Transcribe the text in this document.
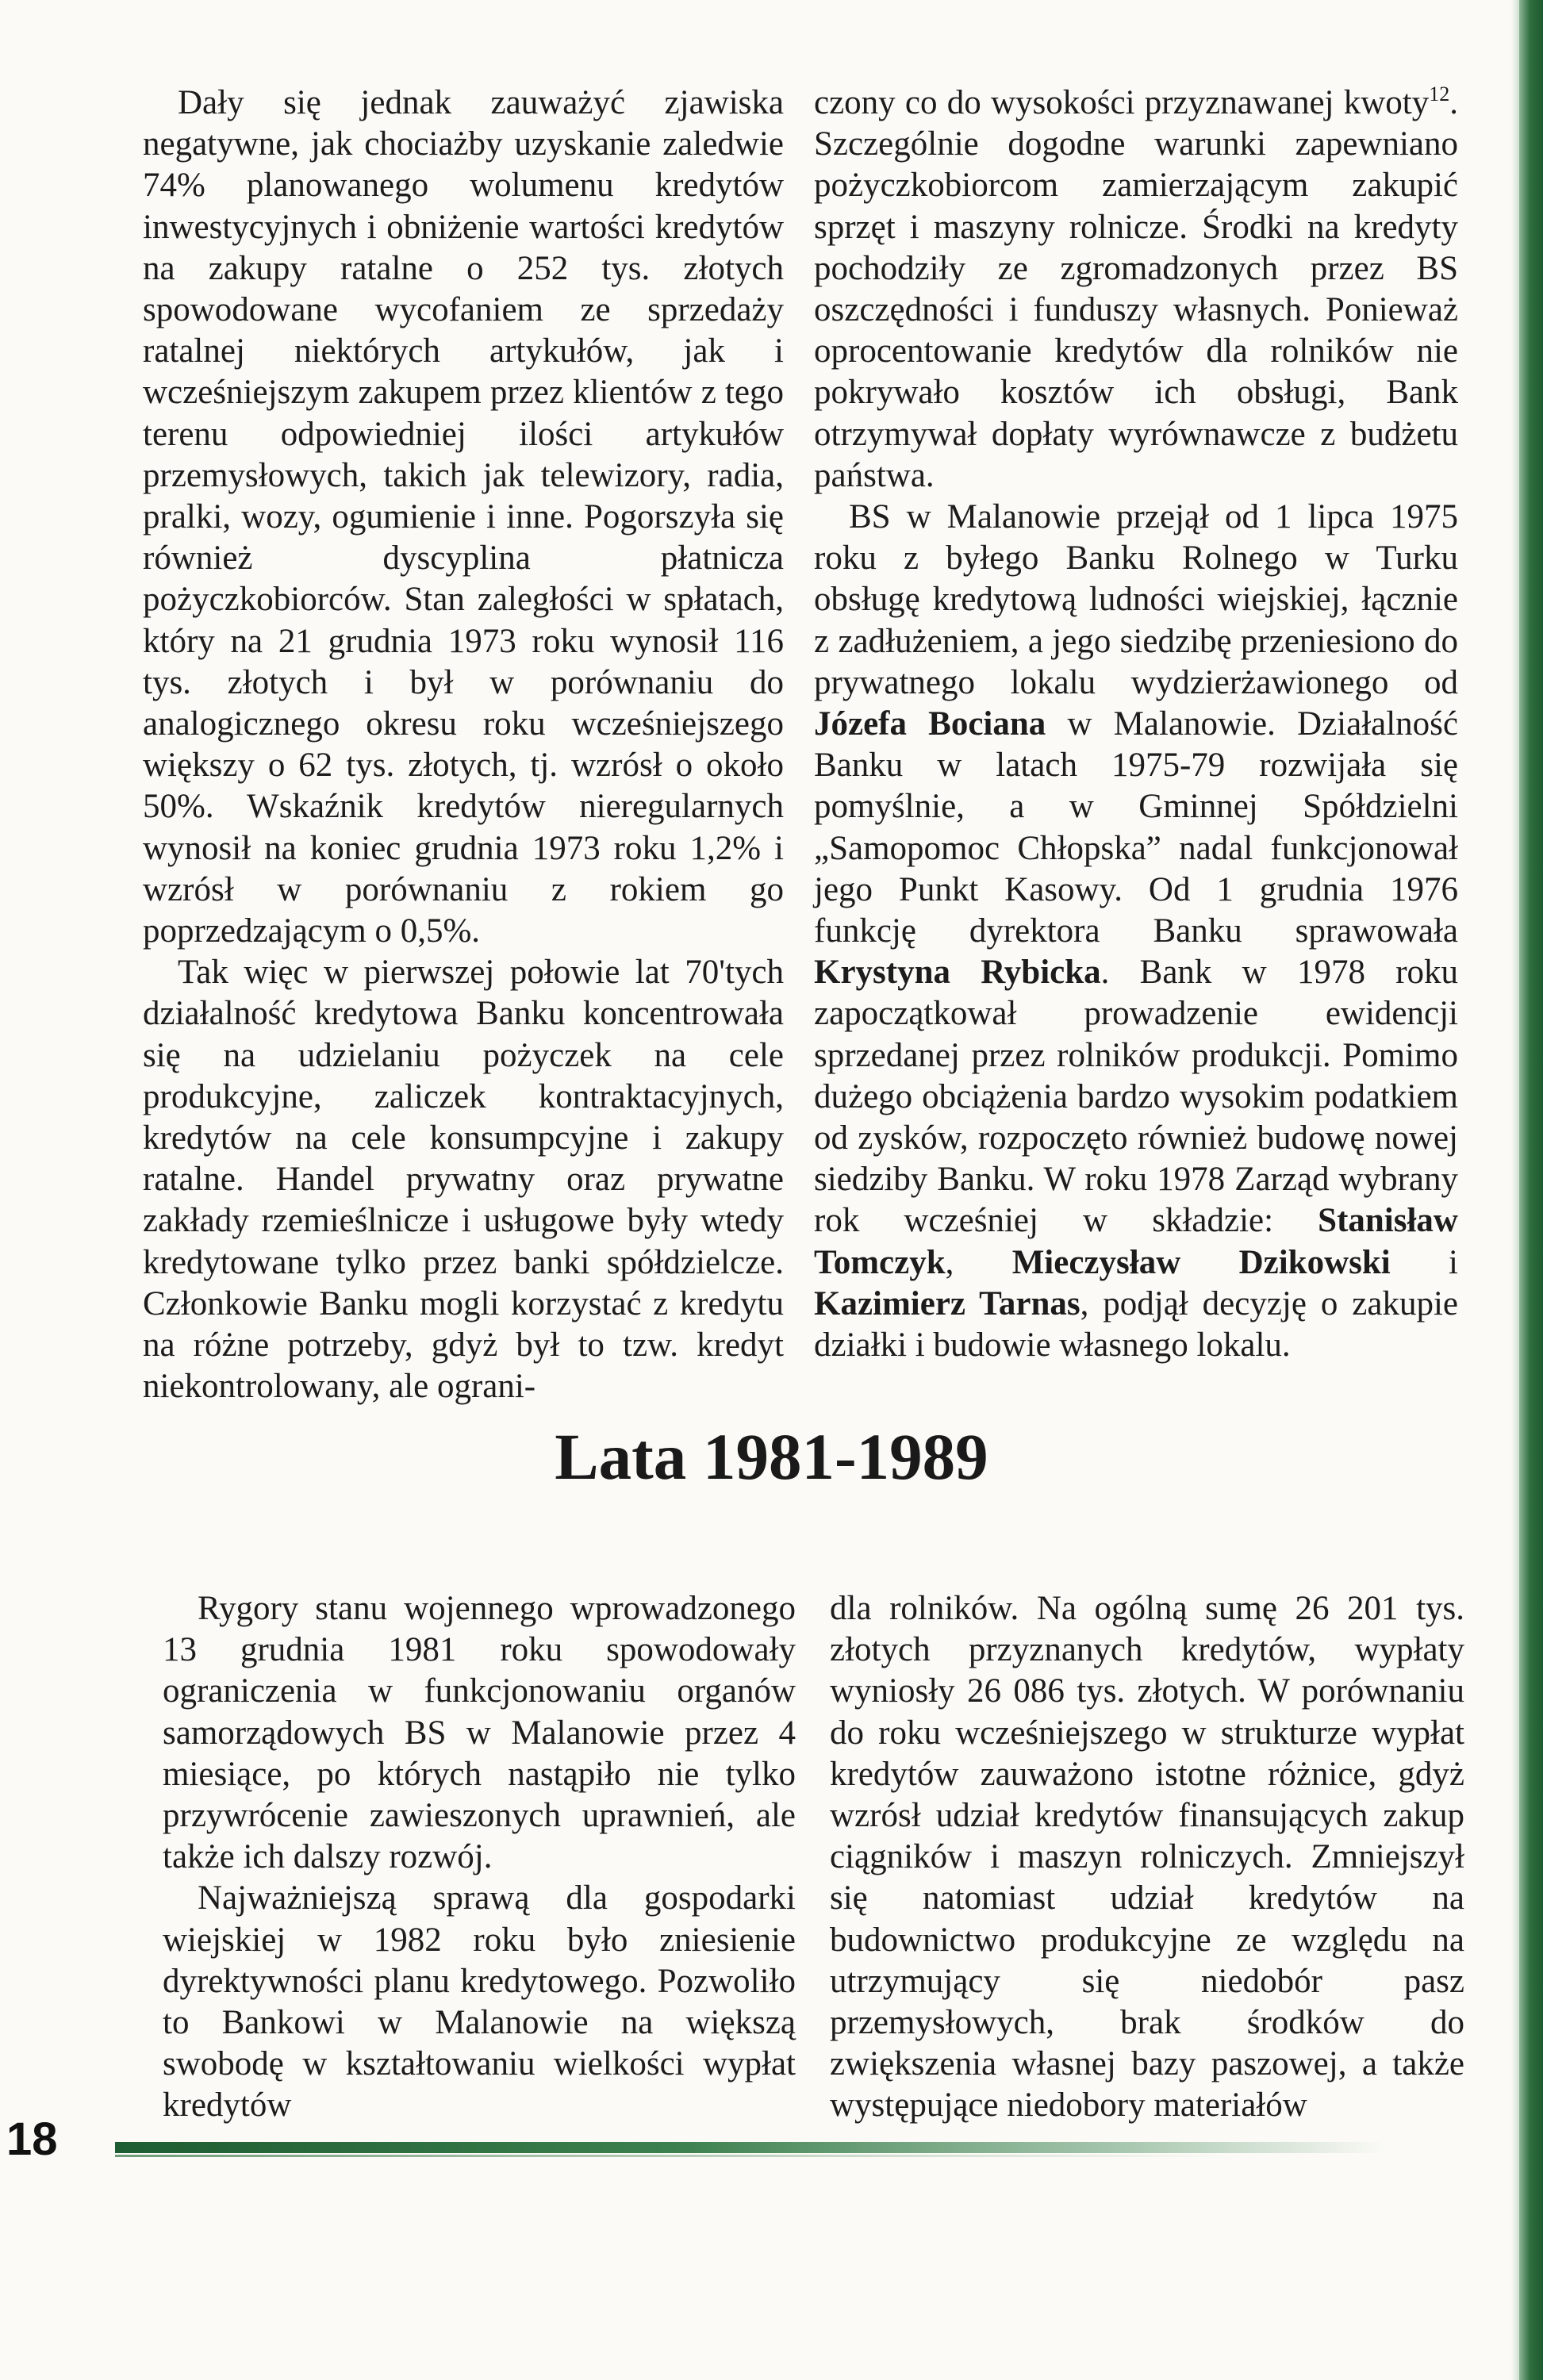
Dały się jednak zauważyć zjawiska negatywne, jak chociażby uzyskanie zaledwie 74% planowanego wolumenu kredytów inwestycyjnych i obniżenie wartości kredytów na zakupy ratalne o 252 tys. złotych spowodowane wycofaniem ze sprzedaży ratalnej niektórych artykułów, jak i wcześniejszym zakupem przez klientów z tego terenu odpowiedniej ilości artykułów przemysłowych, takich jak telewizory, radia, pralki, wozy, ogumienie i inne. Pogorszyła się również dyscyplina płatnicza pożyczkobiorców. Stan zaległości w spłatach, który na 21 grudnia 1973 roku wynosił 116 tys. złotych i był w porównaniu do analogicznego okresu roku wcześniejszego większy o 62 tys. złotych, tj. wzrósł o około 50%. Wskaźnik kredytów nieregularnych wynosił na koniec grudnia 1973 roku 1,2% i wzrósł w porównaniu z rokiem go poprzedzającym o 0,5%.

Tak więc w pierwszej połowie lat 70'tych działalność kredytowa Banku koncentrowała się na udzielaniu pożyczek na cele produkcyjne, zaliczek kontraktacyjnych, kredytów na cele konsumpcyjne i zakupy ratalne. Handel prywatny oraz prywatne zakłady rzemieślnicze i usługowe były wtedy kredytowane tylko przez banki spółdzielcze. Członkowie Banku mogli korzystać z kredytu na różne potrzeby, gdyż był to tzw. kredyt niekontrolowany, ale ograni-

czony co do wysokości przyznawanej kwoty$^{12}$. Szczególnie dogodne warunki zapewniano pożyczkobiorcom zamierzającym zakupić sprzęt i maszyny rolnicze. Środki na kredyty pochodziły ze zgromadzonych przez BS oszczędności i funduszy własnych. Ponieważ oprocentowanie kredytów dla rolników nie pokrywało kosztów ich obsługi, Bank otrzymywał dopłaty wyrównawcze z budżetu państwa.

BS w Malanowie przejął od 1 lipca 1975 roku z byłego Banku Rolnego w Turku obsługę kredytową ludności wiejskiej, łącznie z zadłużeniem, a jego siedzibę przeniesiono do prywatnego lokalu wydzierżawionego od Józefa Bociana w Malanowie. Działalność Banku w latach 1975-79 rozwijała się pomyślnie, a w Gminnej Spółdzielni „Samopomoc Chłopska” nadal funkcjonował jego Punkt Kasowy. Od 1 grudnia 1976 funkcję dyrektora Banku sprawowała Krystyna Rybicka. Bank w 1978 roku zapoczątkował prowadzenie ewidencji sprzedanej przez rolników produkcji. Pomimo dużego obciążenia bardzo wysokim podatkiem od zysków, rozpoczęto również budowę nowej siedziby Banku. W roku 1978 Zarząd wybrany rok wcześniej w składzie: Stanisław Tomczyk, Mieczysław Dzikowski i Kazimierz Tarnas, podjął decyzję o zakupie działki i budowie własnego lokalu.

Lata 1981-1989

Rygory stanu wojennego wprowadzonego 13 grudnia 1981 roku spowodowały ograniczenia w funkcjonowaniu organów samorządowych BS w Malanowie przez 4 miesiące, po których nastąpiło nie tylko przywrócenie zawieszonych uprawnień, ale także ich dalszy rozwój.

Najważniejszą sprawą dla gospodarki wiejskiej w 1982 roku było zniesienie dyrektywności planu kredytowego. Pozwoliło to Bankowi w Malanowie na większą swobodę w kształtowaniu wielkości wypłat kredytów

dla rolników. Na ogólną sumę 26 201 tys. złotych przyznanych kredytów, wypłaty wyniosły 26 086 tys. złotych. W porównaniu do roku wcześniejszego w strukturze wypłat kredytów zauważono istotne różnice, gdyż wzrósł udział kredytów finansujących zakup ciągników i maszyn rolniczych. Zmniejszył się natomiast udział kredytów na budownictwo produkcyjne ze względu na utrzymujący się niedobór pasz przemysłowych, brak środków do zwiększenia własnej bazy paszowej, a także występujące niedobory materiałów

18
